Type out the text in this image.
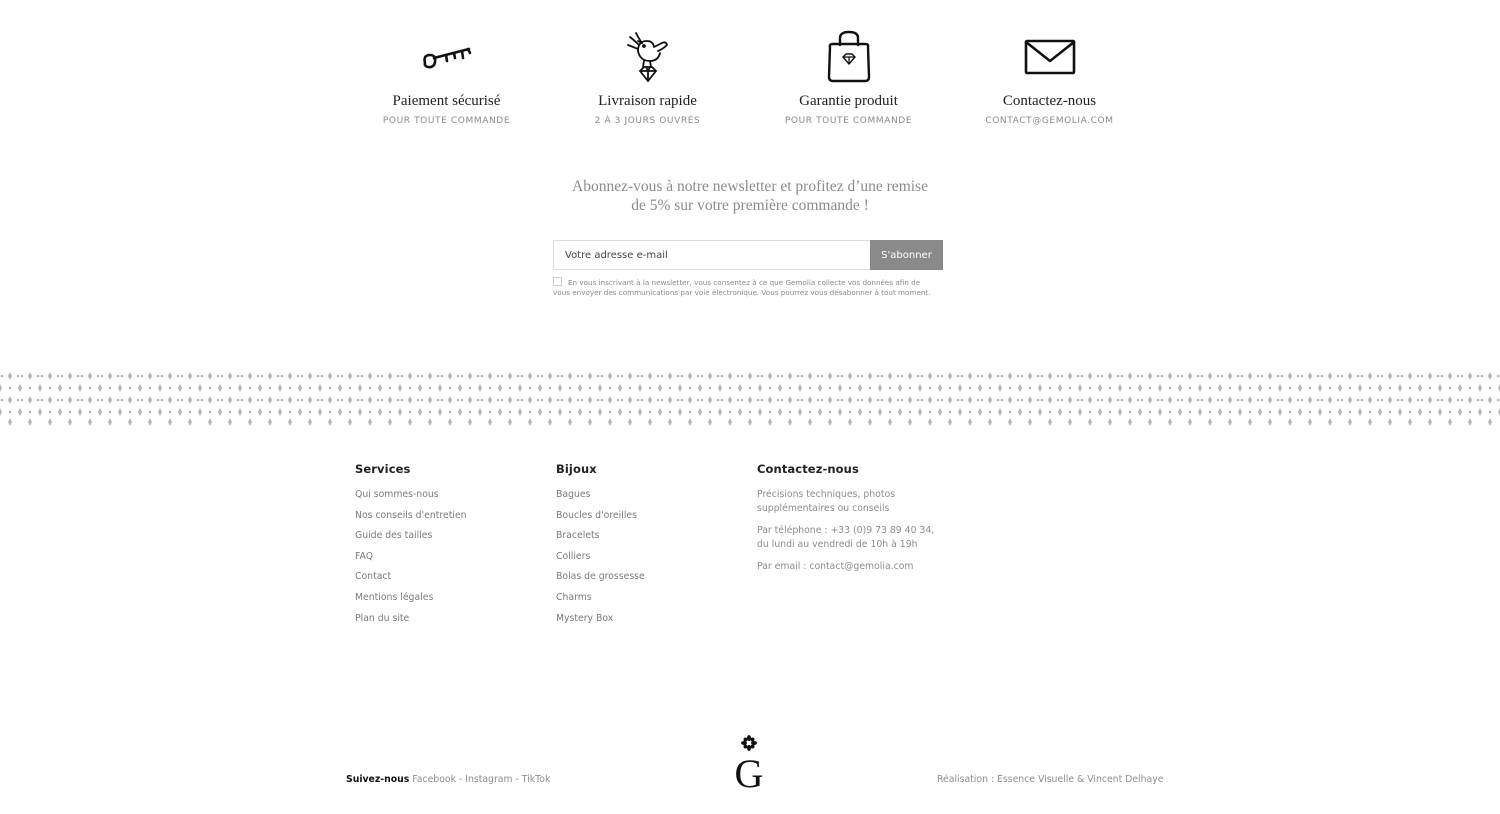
Paiement sécurisé
POUR TOUTE COMMANDE
Livraison rapide
2 À 3 JOURS OUVRÉS
Garantie produit
POUR TOUTE COMMANDE
Contactez-nous
CONTACT@GEMOLIA.COM
Abonnez-vous à notre newsletter et profitez d’une remise
de 5% sur votre première commande !
Votre adresse e-mail
S'abonner
En vous inscrivant à la newsletter, vous consentez à ce que Gemolia collecte vos données afin de vous envoyer des communications par voie électronique. Vous pourrez vous désabonner à tout moment.
Services
Qui sommes-nous
Nos conseils d'entretien
Guide des tailles
FAQ
Contact
Mentions légales
Plan du site
Bijoux
Bagues
Boucles d'oreilles
Bracelets
Colliers
Bolas de grossesse
Charms
Mystery Box
Contactez-nous

Précisions techniques, photos supplémentaires ou conseils

Par téléphone : +33 (0)9 73 89 40 34, du lundi au vendredi de 10h à 19h

Par email : contact@gemolia.com

Suivez-nous Facebook - Instagram - TikTok	G	Réalisation : Essence Visuelle & Vincent Delhaye
